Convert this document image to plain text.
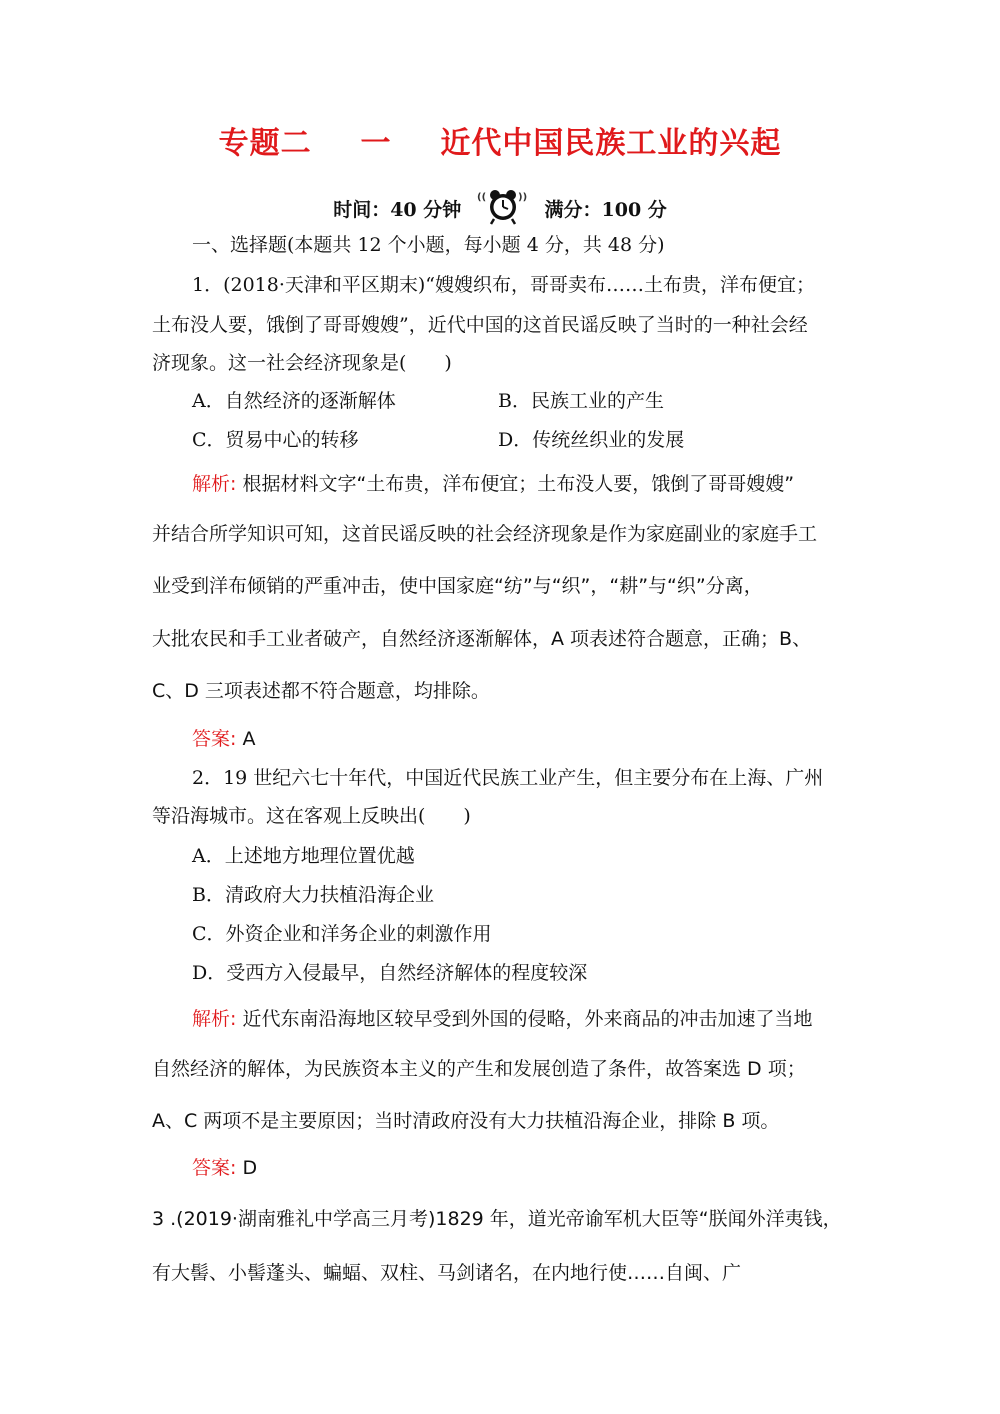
专题二 一 近代中国民族工业的兴起
时间：40 分钟
((	))
满分：100 分
一、选择题(本题共 12 个小题，每小题 4 分，共 48 分)
1．(2018·天津和平区期末)“嫂嫂织布，哥哥卖布……土布贵，洋布便宜；
土布没人要，饿倒了哥哥嫂嫂”，近代中国的这首民谣反映了当时的一种社会经
济现象。这一社会经济现象是(　　)
A．自然经济的逐渐解体	B．民族工业的产生
C．贸易中心的转移	D．传统丝织业的发展
解析: 根据材料文字“土布贵，洋布便宜；土布没人要，饿倒了哥哥嫂嫂”
并结合所学知识可知，这首民谣反映的社会经济现象是作为家庭副业的家庭手工
业受到洋布倾销的严重冲击，使中国家庭“纺”与“织”，“耕”与“织”分离，
大批农民和手工业者破产，自然经济逐渐解体，A 项表述符合题意，正确；B、
C、D 三项表述都不符合题意，均排除。
答案: A
2．19 世纪六七十年代，中国近代民族工业产生，但主要分布在上海、广州
等沿海城市。这在客观上反映出(　　)
A．上述地方地理位置优越
B．清政府大力扶植沿海企业
C．外资企业和洋务企业的刺激作用
D．受西方入侵最早，自然经济解体的程度较深
解析: 近代东南沿海地区较早受到外国的侵略，外来商品的冲击加速了当地
自然经济的解体，为民族资本主义的产生和发展创造了条件，故答案选 D 项；
A、C 两项不是主要原因；当时清政府没有大力扶植沿海企业，排除 B 项。
答案: D
3 .(2019·湖南雅礼中学高三月考)1829 年，道光帝谕军机大臣等“朕闻外洋夷钱，
有大髻、小髻蓬头、蝙蝠、双柱、马剑诸名，在内地行使……自闽、广
